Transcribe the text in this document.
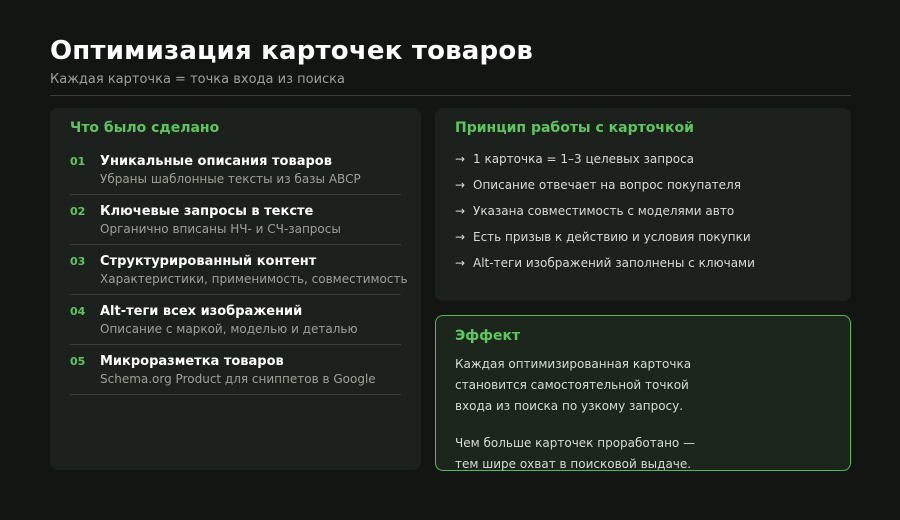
Оптимизация карточек товаров
Каждая карточка = точка входа из поиска
Что было сделано
01 Уникальные описания товаров
Убраны шаблонные тексты из базы ABCP
02 Ключевые запросы в тексте
Органично вписаны НЧ- и СЧ-запросы
03 Структурированный контент
Характеристики, применимость, совместимость
04 Alt-теги всех изображений
Описание с маркой, моделью и деталью
05 Микроразметка товаров
Schema.org Product для сниппетов в Google
Принцип работы с карточкой
→ 1 карточка = 1–3 целевых запроса
→ Описание отвечает на вопрос покупателя
→ Указана совместимость с моделями авто
→ Есть призыв к действию и условия покупки
→ Alt-теги изображений заполнены с ключами
Эффект
Каждая оптимизированная карточка
становится самостоятельной точкой
входа из поиска по узкому запросу.
Чем больше карточек проработано —
тем шире охват в поисковой выдаче.
